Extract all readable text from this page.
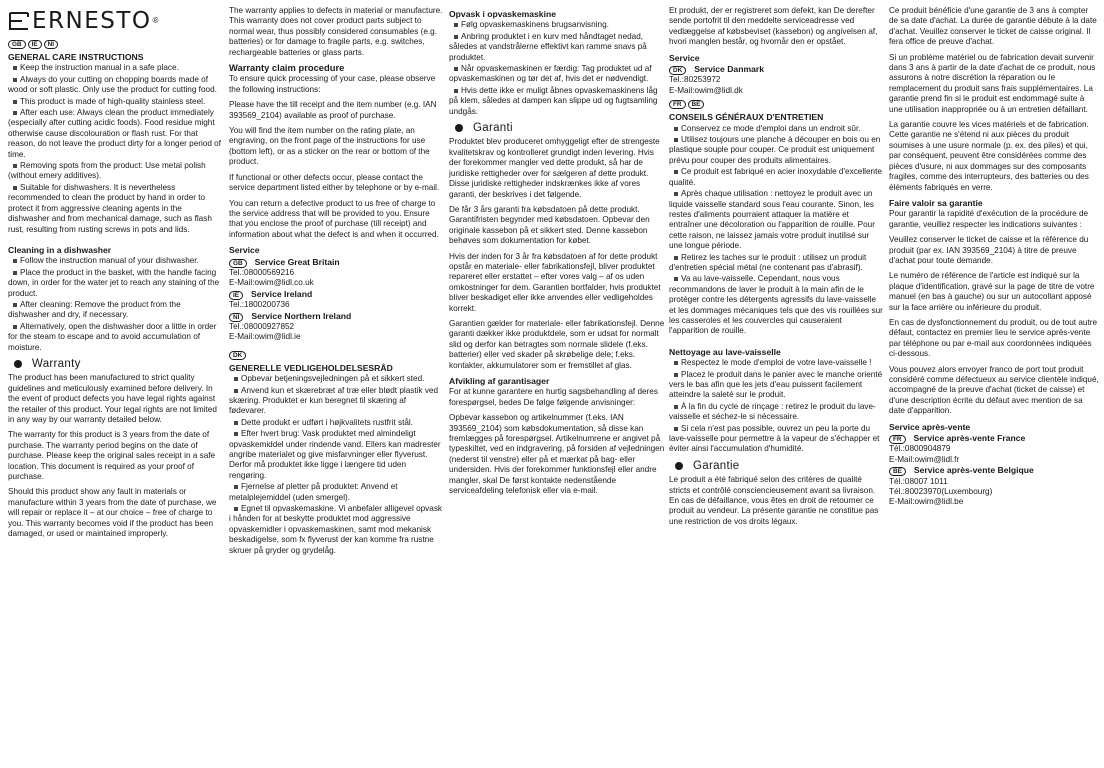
ERNESTO ®
GB	IE	NI
GENERAL CARE INSTRUCTIONS
Keep the instruction manual in a safe place.
Always do your cutting on chopping boards made of wood or soft plastic. Only use the product for cutting food.
This product is made of high-quality stainless steel.
After each use: Always clean the product immediately (especially after cutting acidic foods). Food residue might otherwise cause discolouration or flash rust. For that reason, do not leave the product dirty for a longer period of time.
Removing spots from the product: Use metal polish (without emery additives).
Suitable for dishwashers. It is nevertheless recommended to clean the product by hand in order to protect it from aggressive cleaning agents in the dishwasher and from mechanical damage, such as flash rust, resulting from rusting screws in pots and lids.
Cleaning in a dishwasher
Follow the instruction manual of your dishwasher.
Place the product in the basket, with the handle facing down, in order for the water jet to reach any staining of the product.
After cleaning: Remove the product from the dishwasher and dry, if necessary.
Alternatively, open the dishwasher door a little in order for the steam to escape and to avoid accumulation of moisture.
Warranty
The product has been manufactured to strict quality guidelines and meticulously examined before delivery. In the event of product defects you have legal rights against the retailer of this product. Your legal rights are not limited in any way by our warranty detailed below.
The warranty for this product is 3 years from the date of purchase. The warranty period begins on the date of purchase. Please keep the original sales receipt in a safe location. This document is required as your proof of purchase.
Should this product show any fault in materials or manufacture within 3 years from the date of purchase, we will repair or replace it – at our choice – free of charge to you. This warranty becomes void if the product has been damaged, or used or maintained improperly.
The warranty applies to defects in material or manufacture. This warranty does not cover product parts subject to normal wear, thus possibly considered consumables (e.g. batteries) or for damage to fragile parts, e.g. switches, rechargeable batteries or glass parts.
Warranty claim procedure
To ensure quick processing of your case, please observe the following instructions:
Please have the till receipt and the item number (e.g. IAN 393569_2104) available as proof of purchase.
You will find the item number on the rating plate, an engraving, on the front page of the instructions for use (bottom left), or as a sticker on the rear or bottom of the product.
If functional or other defects occur, please contact the service department listed either by telephone or by e-mail.
You can return a defective product to us free of charge to the service address that will be provided to you. Ensure that you enclose the proof of purchase (till receipt) and information about what the defect is and when it occurred.
Service
GB Service Great Britain
Tel.:08000569216
E-Mail:owim@lidl.co.uk
IE Service Ireland
Tel.:1800200736
NI Service Northern Ireland
Tel.:08000927852
E-Mail:owim@lidl.ie
DK
GENERELLE VEDLIGEHOLDELSESRÅD
Opbevar betjeningsvejledningen på et sikkert sted.
Anvend kun et skærebræt af træ eller blødt plastik ved skæring. Produktet er kun beregnet til skæring af fødevarer.
Dette produkt er udført i højkvalitets rustfrit stål.
Efter hvert brug: Vask produktet med almindeligt opvaskemiddel under rindende vand. Ellers kan madrester angribe materialet og give misfarvninger eller flyverust. Derfor må produktet ikke ligge i længere tid uden rengøring.
Fjernelse af pletter på produktet: Anvend et metalplejemiddel (uden smergel).
Egnet til opvaskemaskine. Vi anbefaler alligevel opvask i hånden for at beskytte produktet mod aggressive opvaskemidler i opvaskemaskinen, samt mod mekanisk beskadigelse, som fx flyverust der kan komme fra rustne skruer på gryder og grydelåg.
Opvask i opvaskemaskine
Følg opvaskemaskinens brugsanvisning.
Anbring produktet i en kurv med håndtaget nedad, således at vandstrålerne effektivt kan ramme snavs på produktet.
Når opvaskemaskinen er færdig: Tag produktet ud af opvaskemaskinen og tør det af, hvis det er nødvendigt.
Hvis dette ikke er muligt åbnes opvaskemaskinens låg på klem, således at dampen kan slippe ud og fugtsamling undgås.
Garanti
Produktet blev produceret omhyggeligt efter de strengeste kvalitetskrav og kontrolleret grundigt inden levering. Hvis der forekommer mangler ved dette produkt, så har de juridiske rettigheder over for sælgeren af dette produkt. Disse juridiske rettigheder indskrænkes ikke af vores garanti, der beskrives i det følgende.
De får 3 års garanti fra købsdatoen på dette produkt. Garantifristen begynder med købsdatoen. Opbevar den originale kassebon på et sikkert sted. Denne kassebon behøves som dokumentation for købet.
Hvis der inden for 3 år fra købsdatoen af for dette produkt opstår en materiale- eller fabrikationsfejl, bliver produktet repareret eller erstattet – efter vores valg – af os uden omkostninger for dem. Garantien bortfalder, hvis produktet bliver beskadiget eller ikke anvendes eller vedligeholdes korrekt.
Garantien gælder for materiale- eller fabrikationsfejl. Denne garanti dækker ikke produktdele, som er udsat for normalt slid og derfor kan betragtes som normale slidele (f.eks. batterier) eller ved skader på skrøbelige dele; f.eks. kontakter, akkumulatorer som er fremstillet af glas.
Afvikling af garantisager
For at kunne garantere en hurtig sagsbehandling af deres forespørgsel, bedes De følge følgende anvisninger:
Opbevar kassebon og artikelnummer (f.eks. IAN 393569_2104) som købsdokumentation, så disse kan fremlægges på forespørgsel. Artikelnumrene er angivet på typeskiltet, ved en indgravering, på forsiden af vejledningen (nederst til venstre) eller på et mærkat på bag- eller undersiden. Hvis der forekommer funktionsfejl eller andre mangler, skal De først kontakte nedenstående serviceafdeling telefonisk eller via e-mail.
Et produkt, der er registreret som defekt, kan De derefter sende portofrit til den meddelte serviceadresse ved vedlæggelse af købsbeviset (kassebon) og angivelsen af, hvori manglen består, og hvornår den er opstået.
Service
DK Service Danmark
Tel.:80253972
E-Mail:owim@lidl.dk
FR	BE
CONSEILS GÉNÉRAUX D'ENTRETIEN
Conservez ce mode d'emploi dans un endroit sûr.
Utilisez toujours une planche à découper en bois ou en plastique souple pour couper. Ce produit est uniquement prévu pour couper des produits alimentaires.
Ce produit est fabriqué en acier inoxydable d'excellente qualité.
Après chaque utilisation : nettoyez le produit avec un liquide vaisselle standard sous l'eau courante. Sinon, les restes d'aliments pourraient attaquer la matière et entraîner une décoloration ou l'apparition de rouille. Pour cette raison, ne laissez jamais votre produit inutilisé sur une longue période.
Retirez les taches sur le produit : utilisez un produit d'entretien spécial métal (ne contenant pas d'abrasif).
Va au lave-vaisselle. Cependant, nous vous recommandons de laver le produit à la main afin de le protéger contre les détergents agressifs du lave-vaisselle et les dommages mécaniques tels que des vis rouillées sur les casseroles et les couvercles qui causeraient l'apparition de rouille.
Nettoyage au lave-vaisselle
Respectez le mode d'emploi de votre lave-vaisselle !
Placez le produit dans le panier avec le manche orienté vers le bas afin que les jets d'eau puissent facilement atteindre la saleté sur le produit.
À la fin du cycle de rinçage : retirez le produit du lave-vaisselle et séchez-le si nécessaire.
Si cela n'est pas possible, ouvrez un peu la porte du lave-vaisselle pour permettre à la vapeur de s'échapper et éviter ainsi l'accumulation d'humidité.
Garantie
Le produit a été fabriqué selon des critères de qualité stricts et contrôlé consciencieusement avant sa livraison. En cas de défaillance, vous êtes en droit de retourner ce produit au vendeur. La présente garantie ne constitue pas une restriction de vos droits légaux.
Ce produit bénéficie d'une garantie de 3 ans à compter de sa date d'achat. La durée de garantie débute à la date d'achat. Veuillez conserver le ticket de caisse original. Il fera office de preuve d'achat.
Si un problème matériel ou de fabrication devait survenir dans 3 ans à partir de la date d'achat de ce produit, nous assurons à notre discrétion la réparation ou le remplacement du produit sans frais supplémentaires. La garantie prend fin si le produit est endommagé suite à une utilisation inappropriée ou à un entretien défaillant.
La garantie couvre les vices matériels et de fabrication. Cette garantie ne s'étend ni aux pièces du produit soumises à une usure normale (p. ex. des piles) et qui, par conséquent, peuvent être considérées comme des pièces d'usure, ni aux dommages sur des composants fragiles, comme des interrupteurs, des batteries ou des éléments fabriqués en verre.
Faire valoir sa garantie
Pour garantir la rapidité d'exécution de la procédure de garantie, veuillez respecter les indications suivantes :
Veuillez conserver le ticket de caisse et la référence du produit (par ex. IAN 393569_2104) à titre de preuve d'achat pour toute demande.
Le numéro de référence de l'article est indiqué sur la plaque d'identification, gravé sur la page de titre de votre manuel (en bas à gauche) ou sur un autocollant apposé sur la face arrière ou inférieure du produit.
En cas de dysfonctionnement du produit, ou de tout autre défaut, contactez en premier lieu le service après-vente par téléphone ou par e-mail aux coordonnées indiquées ci-dessous.
Vous pouvez alors envoyer franco de port tout produit considéré comme défectueux au service clientèle indiqué, accompagné de la preuve d'achat (ticket de caisse) et d'une description écrite du défaut avec mention de sa date d'apparition.
Service après-vente
FR Service après-vente France
Tél.:0800904879
E-Mail:owim@lidl.fr
BE Service après-vente Belgique
Tél.:08007 1011
Tél.:80023970(Luxembourg)
E-Mail:owim@lidl.be
